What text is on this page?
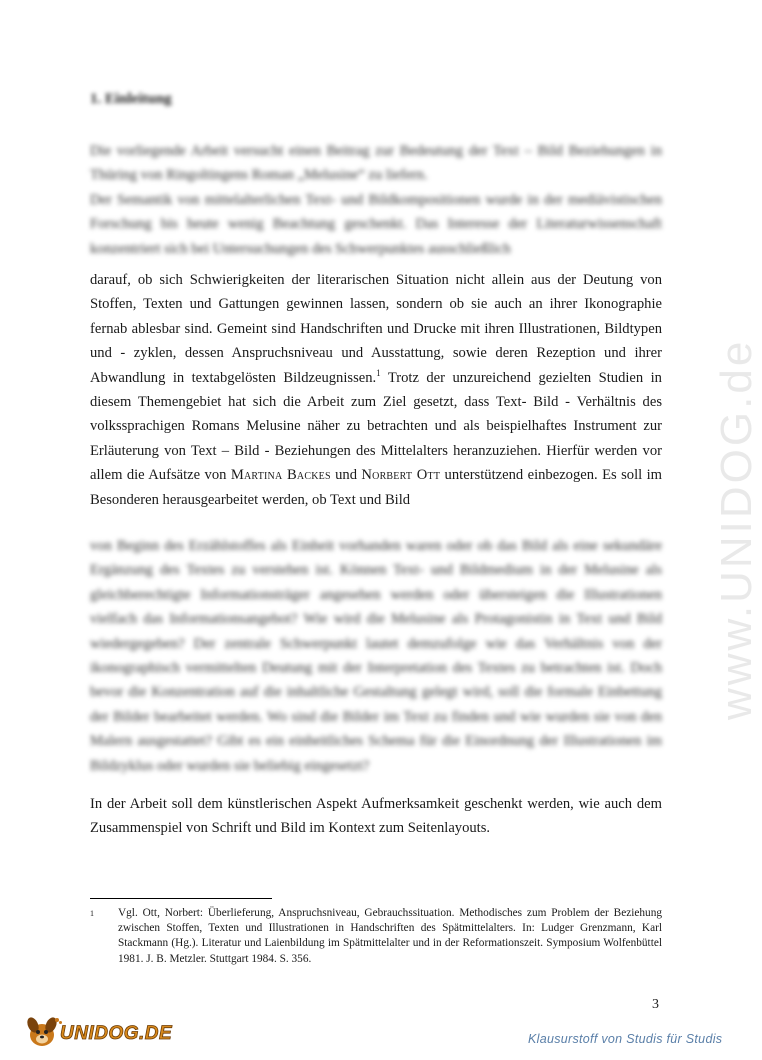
www.UNIDOG.de
1. Einleitung

Die vorliegende Arbeit versucht einen Beitrag zur Bedeutung der Text – Bild Beziehungen in Thüring von Ringoltingens Roman „Melusine“ zu liefern.

Der Semantik von mittelalterlichen Text- und Bildkompositionen wurde in der mediävistischen Forschung bis heute wenig Beachtung geschenkt. Das Interesse der Literaturwissenschaft konzentriert sich bei Untersuchungen des Schwerpunktes ausschließlich

darauf, ob sich Schwierigkeiten der literarischen Situation nicht allein aus der Deutung von Stoffen, Texten und Gattungen gewinnen lassen, sondern ob sie auch an ihrer Ikonographie fernab ablesbar sind. Gemeint sind Handschriften und Drucke mit ihren Illustrationen, Bildtypen und - zyklen, dessen Anspruchsniveau und Ausstattung, sowie deren Rezeption und ihrer Abwandlung in textabgelösten Bildzeugnissen.$^1$ Trotz der unzureichend gezielten Studien in diesem Themengebiet hat sich die Arbeit zum Ziel gesetzt, dass Text- Bild - Verhältnis des volkssprachigen Romans Melusine näher zu betrachten und als beispielhaftes Instrument zur Erläuterung von Text – Bild - Beziehungen des Mittelalters heranzuziehen. Hierfür werden vor allem die Aufsätze von Martina Backes und Norbert Ott unterstützend einbezogen. Es soll im Besonderen herausgearbeitet werden, ob Text und Bild
von Beginn des Erzählstoffes als Einheit vorhanden waren oder ob das Bild als eine sekundäre Ergänzung des Textes zu verstehen ist. Können Text- und Bildmedium in der Melusine als gleichberechtigte Informationsträger angesehen werden oder übersteigen die Illustrationen vielfach das Informationsangebot? Wie wird die Melusine als Protagonistin in Text und Bild wiedergegeben? Der zentrale Schwerpunkt lautet demzufolge wie das Verhältnis von der ikonographisch vermittelten Deutung mit der Interpretation des Textes zu betrachten ist. Doch bevor die Konzentration auf die inhaltliche Gestaltung gelegt wird, soll die formale Einbettung der Bilder bearbeitet werden. Wo sind die Bilder im Text zu finden und wie wurden sie von den Malern ausgestattet? Gibt es ein einheitliches Schema für die Einordnung der Illustrationen im Bildzyklus oder wurden sie beliebig eingesetzt?
In der Arbeit soll dem künstlerischen Aspekt Aufmerksamkeit geschenkt werden, wie auch dem Zusammenspiel von Schrift und Bild im Kontext zum Seitenlayouts.
1 Vgl. Ott, Norbert: Überlieferung, Anspruchsniveau, Gebrauchssituation. Methodisches zum Problem der Beziehung zwischen Stoffen, Texten und Illustrationen in Handschriften des Spätmittelalters. In: Ludger Grenzmann, Karl Stackmann (Hg.). Literatur und Laienbildung im Spätmittelalter und in der Reformationszeit. Symposium Wolfenbüttel 1981. J. B. Metzler. Stuttgart 1984. S. 356.
3
UNIDOG.DE	Klausurstoff von Studis für Studis
